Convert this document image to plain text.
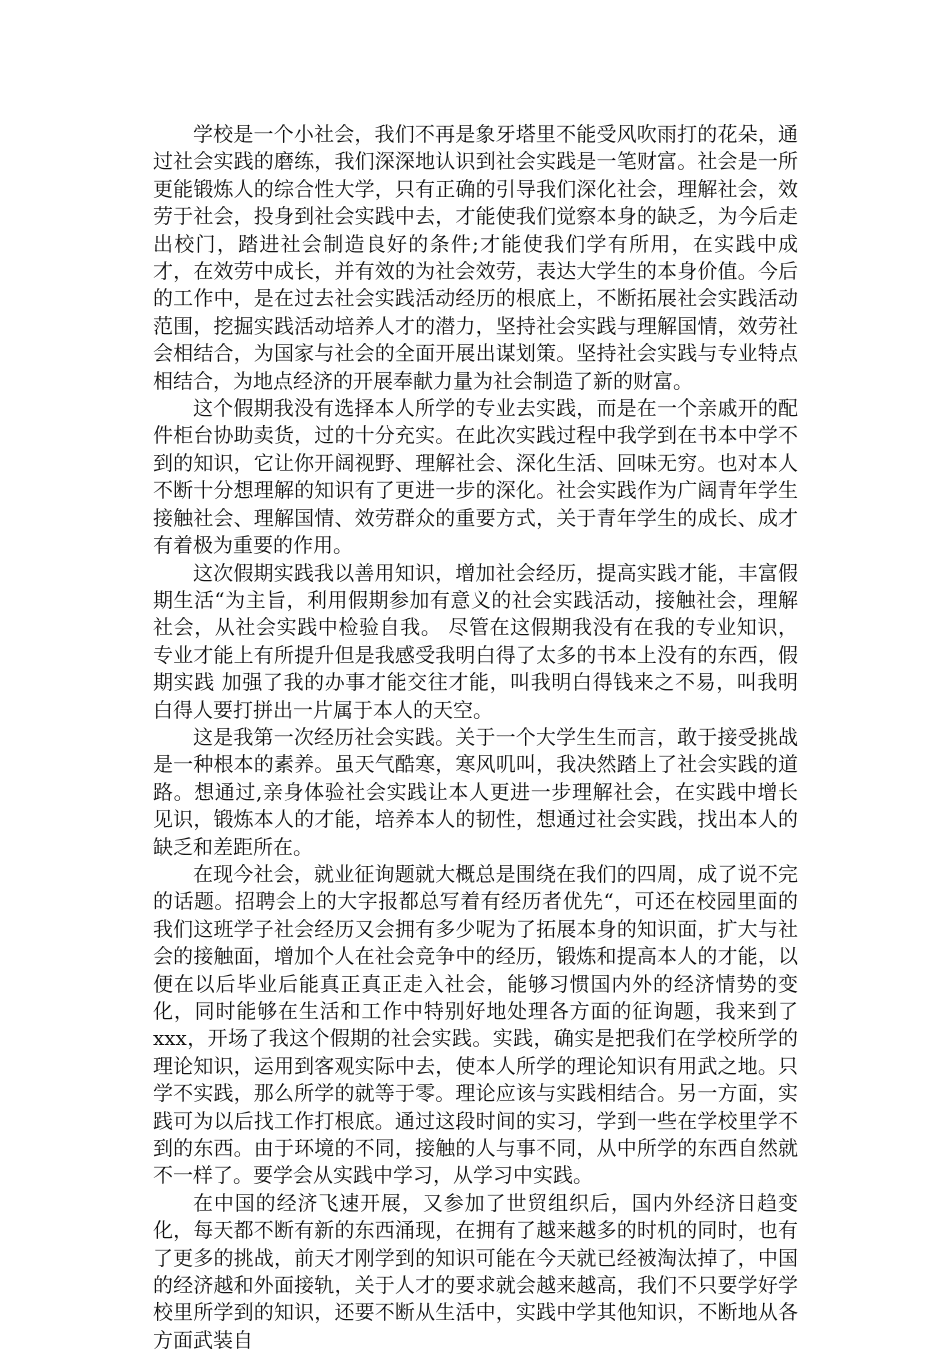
学校是一个小社会，我们不再是象牙塔里不能受风吹雨打的花朵，通过社会实践的磨练，我们深深地认识到社会实践是一笔财富。社会是一所更能锻炼人的综合性大学，只有正确的引导我们深化社会，理解社会，效劳于社会，投身到社会实践中去，才能使我们觉察本身的缺乏，为今后走出校门，踏进社会制造良好的条件;才能使我们学有所用，在实践中成才，在效劳中成长，并有效的为社会效劳，表达大学生的本身价值。今后的工作中，是在过去社会实践活动经历的根底上，不断拓展社会实践活动范围，挖掘实践活动培养人才的潜力，坚持社会实践与理解国情，效劳社会相结合，为国家与社会的全面开展出谋划策。坚持社会实践与专业特点相结合，为地点经济的开展奉献力量为社会制造了新的财富。

这个假期我没有选择本人所学的专业去实践，而是在一个亲戚开的配件柜台协助卖货，过的十分充实。在此次实践过程中我学到在书本中学不到的知识，它让你开阔视野、理解社会、深化生活、回味无穷。也对本人不断十分想理解的知识有了更进一步的深化。社会实践作为广阔青年学生接触社会、理解国情、效劳群众的重要方式，关于青年学生的成长、成才有着极为重要的作用。

这次假期实践我以善用知识，增加社会经历，提高实践才能，丰富假期生活“为主旨，利用假期参加有意义的社会实践活动，接触社会，理解社会，从社会实践中检验自我。 尽管在这假期我没有在我的专业知识，专业才能上有所提升但是我感受我明白得了太多的书本上没有的东西，假期实践 加强了我的办事才能交往才能，叫我明白得钱来之不易，叫我明白得人要打拼出一片属于本人的天空。

这是我第一次经历社会实践。关于一个大学生生而言，敢于接受挑战是一种根本的素养。虽天气酷寒，寒风叽叫，我决然踏上了社会实践的道路。想通过,亲身体验社会实践让本人更进一步理解社会，在实践中增长见识，锻炼本人的才能，培养本人的韧性，想通过社会实践，找出本人的缺乏和差距所在。

在现今社会，就业征询题就大概总是围绕在我们的四周，成了说不完的话题。招聘会上的大字报都总写着有经历者优先“，可还在校园里面的我们这班学子社会经历又会拥有多少呢为了拓展本身的知识面，扩大与社会的接触面，增加个人在社会竞争中的经历，锻炼和提高本人的才能，以便在以后毕业后能真正真正走入社会，能够习惯国内外的经济情势的变化，同时能够在生活和工作中特别好地处理各方面的征询题，我来到了 xxx，开场了我这个假期的社会实践。实践，确实是把我们在学校所学的理论知识，运用到客观实际中去，使本人所学的理论知识有用武之地。只学不实践，那么所学的就等于零。理论应该与实践相结合。另一方面，实践可为以后找工作打根底。通过这段时间的实习，学到一些在学校里学不到的东西。由于环境的不同，接触的人与事不同，从中所学的东西自然就不一样了。要学会从实践中学习，从学习中实践。

在中国的经济飞速开展，又参加了世贸组织后，国内外经济日趋变化，每天都不断有新的东西涌现，在拥有了越来越多的时机的同时，也有了更多的挑战，前天才刚学到的知识可能在今天就已经被淘汰掉了，中国的经济越和外面接轨，关于人才的要求就会越来越高，我们不只要学好学校里所学到的知识，还要不断从生活中，实践中学其他知识，不断地从各方面武装自
